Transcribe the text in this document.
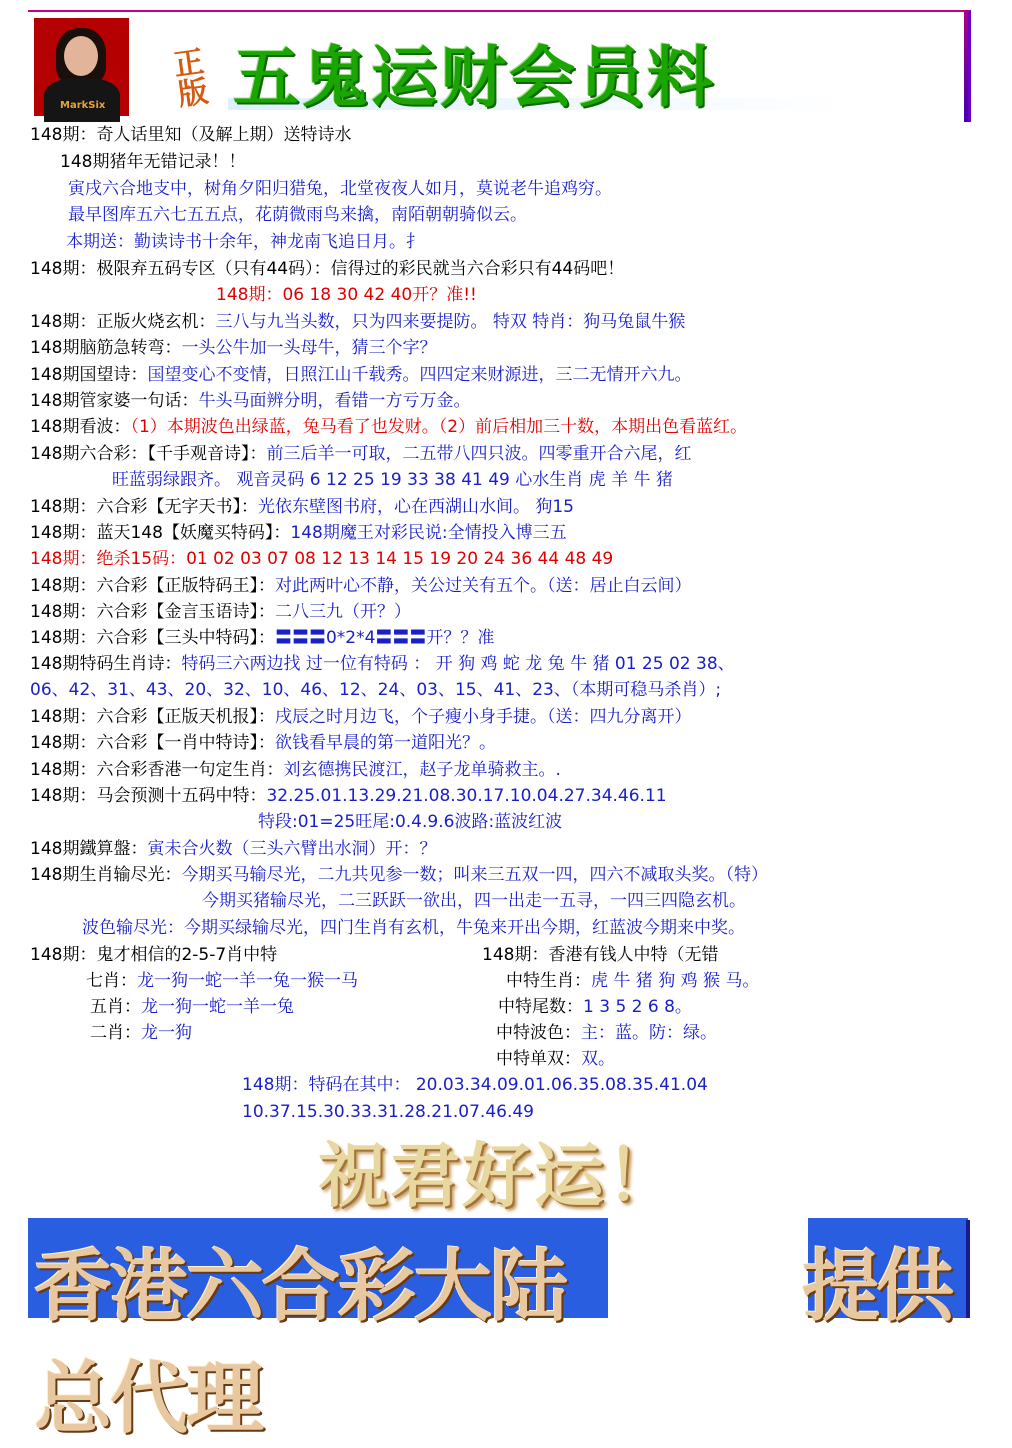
MarkSix
正版 五鬼运财会员料
148期：奇人话里知（及解上期）送特诗水
148期猪年无错记录！！
寅戌六合地支中，树角夕阳归猎兔，北堂夜夜人如月，莫说老牛追鸡穷。
最早图库五六七五五点，花荫微雨鸟来擒，南陌朝朝骑似云。
本期送：勤读诗书十余年，神龙南飞追日月。扌
148期：极限弃五码专区（只有44码）：信得过的彩民就当六合彩只有44码吧！
148期：06 18 30 42 40开？准!!
148期：正版火烧玄机：三八与九当头数，只为四来要提防。 特双 特肖：狗马兔鼠牛猴
148期脑筋急转弯：一头公牛加一头母牛，猜三个字？
148期国望诗：国望变心不变情，日照江山千载秀。四四定来财源进，三二无情开六九。
148期管家婆一句话：牛头马面辨分明，看错一方亏万金。
148期看波：（1）本期波色出绿蓝，兔马看了也发财。（2）前后相加三十数，本期出色看蓝红。
148期六合彩：【千手观音诗】：前三后羊一可取，二五带八四只波。四零重开合六尾，红
旺蓝弱绿跟齐。 观音灵码 6 12 25 19 33 38 41 49 心水生肖 虎 羊 牛 猪
148期：六合彩【无字天书】：光依东壁图书府，心在西湖山水间。 狗15
148期：蓝天148【妖魔买特码】：148期魔王对彩民说:全情投入博三五
148期：绝杀15码：01 02 03 07 08 12 13 14 15 19 20 24 36 44 48 49
148期：六合彩【正版特码王】：对此两叶心不静，关公过关有五个。（送：居止白云间）
148期：六合彩【金言玉语诗】：二八三九（开？）
148期：六合彩【三头中特码】：〓〓〓0*2*4〓〓〓开？？准
148期特码生肖诗：特码三六两边找 过一位有特码 ： 开 狗 鸡 蛇 龙 兔 牛 猪 01 25 02 38、
06、42、31、43、20、32、10、46、12、24、03、15、41、23、（本期可稳马杀肖）;
148期：六合彩【正版天机报】：戌辰之时月边飞，个子瘦小身手捷。（送：四九分离开）
148期：六合彩【一肖中特诗】：欲钱看早晨的第一道阳光？。
148期：六合彩香港一句定生肖：刘玄德携民渡江，赵子龙单骑救主。.
148期：马会预测十五码中特：32.25.01.13.29.21.08.30.17.10.04.27.34.46.11
特段:01=25旺尾:0.4.9.6波路:蓝波红波
148期鐵算盤：寅未合火数（三头六臂出水洞）开：？
148期生肖输尽光：今期买马输尽光，二九共见参一数；叫来三五双一四，四六不减取头奖。（特）
今期买猪输尽光，二三跃跃一欲出，四一出走一五寻，一四三四隐玄机。
波色输尽光：今期买绿输尽光，四门生肖有玄机，牛兔来开出今期，红蓝波今期来中奖。
148期：鬼才相信的2-5-7肖中特
七肖：龙一狗一蛇一羊一兔一猴一马
五肖：龙一狗一蛇一羊一兔
二肖：龙一狗
148期：香港有钱人中特（无错
中特生肖：虎 牛 猪 狗 鸡 猴 马。
中特尾数：1 3 5 2 6 8。
中特波色：主：蓝。防：绿。
中特单双：双。
148期：特码在其中： 20.03.34.09.01.06.35.08.35.41.04
10.37.15.30.33.31.28.21.07.46.49
祝君好运！
香港六合彩大陆总代理
提供
